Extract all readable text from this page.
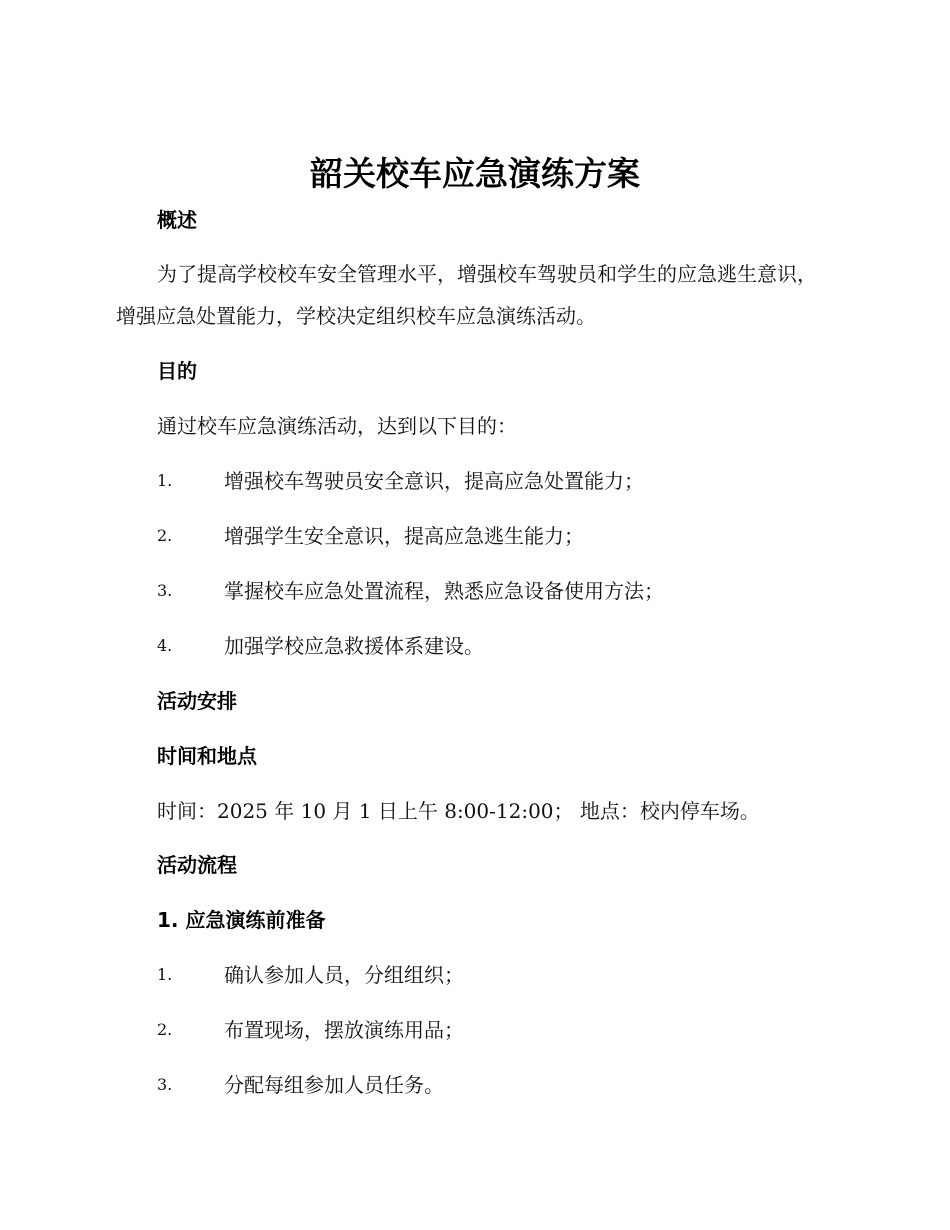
韶关校车应急演练方案
概述

为了提高学校校车安全管理水平，增强校车驾驶员和学生的应急逃生意识，增强应急处置能力，学校决定组织校车应急演练活动。

目的
通过校车应急演练活动，达到以下目的：
1.	增强校车驾驶员安全意识，提高应急处置能力；
2.	增强学生安全意识，提高应急逃生能力；
3.	掌握校车应急处置流程，熟悉应急设备使用方法；
4.	加强学校应急救援体系建设。
活动安排
时间和地点
时间：2025 年 10 月 1 日上午 8:00-12:00； 地点：校内停车场。
活动流程
1. 应急演练前准备
1.	确认参加人员，分组组织；
2.	布置现场，摆放演练用品；
3.	分配每组参加人员任务。
